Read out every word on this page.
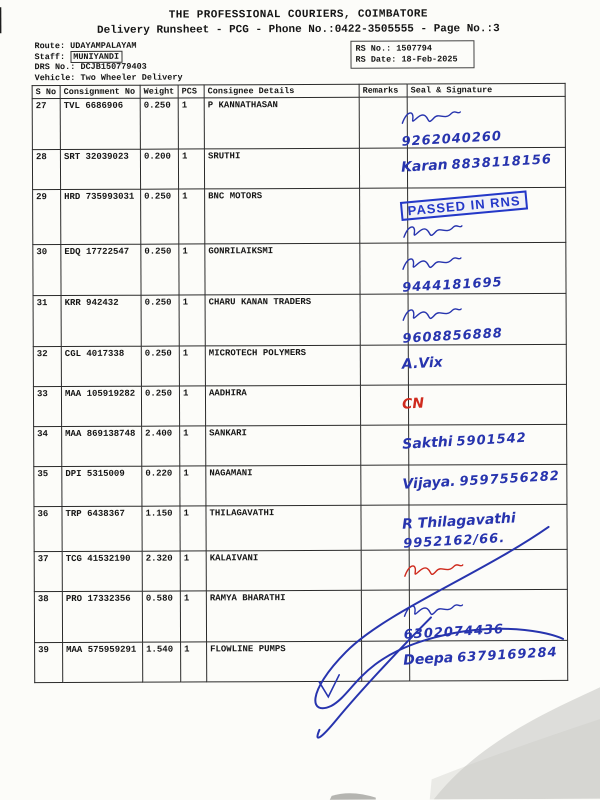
THE PROFESSIONAL COURIERS, COIMBATORE
Delivery Runsheet - PCG - Phone No.:0422-3505555 - Page No.:3
Route: UDAYAMPALAYAM
Staff: MUNIYANDI
DRS No.: DCJB150779403
Vehicle: Two Wheeler Delivery
RS No.: 1507794
RS Date: 18-Feb-2025
S No	Consignment No	Weight	PCS	Consignee Details	Remarks	Seal & Signature
27	TVL 6686906	0.250	1	P KANNATHASAN		9262040260

28	SRT 32039023	0.200	1	SRUTHI		Karan 8838118156

29	HRD 735993031	0.250	1	BNC MOTORS		PASSED IN RNS

30	EDQ 17722547	0.250	1	GONRILAIKSMI		9444181695

31	KRR 942432	0.250	1	CHARU KANAN TRADERS		9608856888

32	CGL 4017338	0.250	1	MICROTECH POLYMERS		A.Vix

33	MAA 105919282	0.250	1	AADHIRA		CN

34	MAA 869138748	2.400	1	SANKARI		Sakthi 5901542

35	DPI 5315009	0.220	1	NAGAMANI		Vijaya. 9597556282

36	TRP 6438367	1.150	1	THILAGAVATHI		R Thilagavathi
9952162/66.

37	TCG 41532190	2.320	1	KALAIVANI		

38	PRO 17332356	0.580	1	RAMYA BHARATHI		6302074436

39	MAA 575959291	1.540	1	FLOWLINE PUMPS		Deepa 6379169284
